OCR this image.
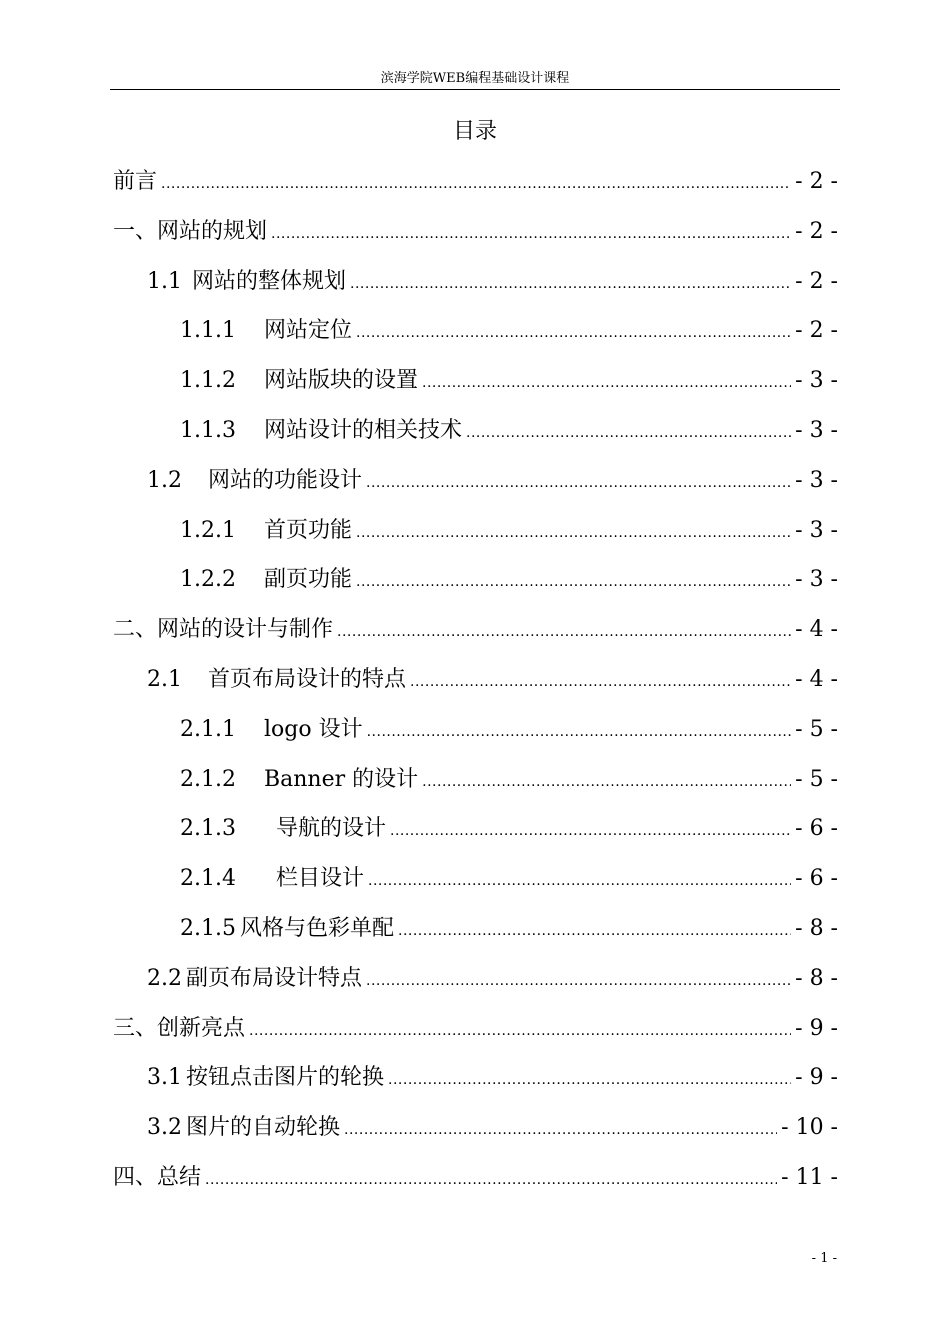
滨海学院WEB编程基础设计课程
目录
前言 .....	- 2 -
一、网站的规划 .....	- 2 -
1.1 网站的整体规划 .....	- 2 -
1.1.1 网站定位 .....	- 2 -
1.1.2 网站版块的设置 .....	- 3 -
1.1.3 网站设计的相关技术 .....	- 3 -
1.2 网站的功能设计 .....	- 3 -
1.2.1 首页功能 .....	- 3 -
1.2.2 副页功能 .....	- 3 -
二、网站的设计与制作 .....	- 4 -
2.1 首页布局设计的特点 .....	- 4 -
2.1.1 logo 设计 .....	- 5 -
2.1.2 Banner 的设计 .....	- 5 -
2.1.3 导航的设计 .....	- 6 -
2.1.4 栏目设计 .....	- 6 -
2.1.5 风格与色彩单配 .....	- 8 -
2.2 副页布局设计特点 .....	- 8 -
三、创新亮点 .....	- 9 -
3.1 按钮点击图片的轮换 .....	- 9 -
3.2 图片的自动轮换 .....	- 10 -
四、总结 .....	- 11 -
- 1 -
